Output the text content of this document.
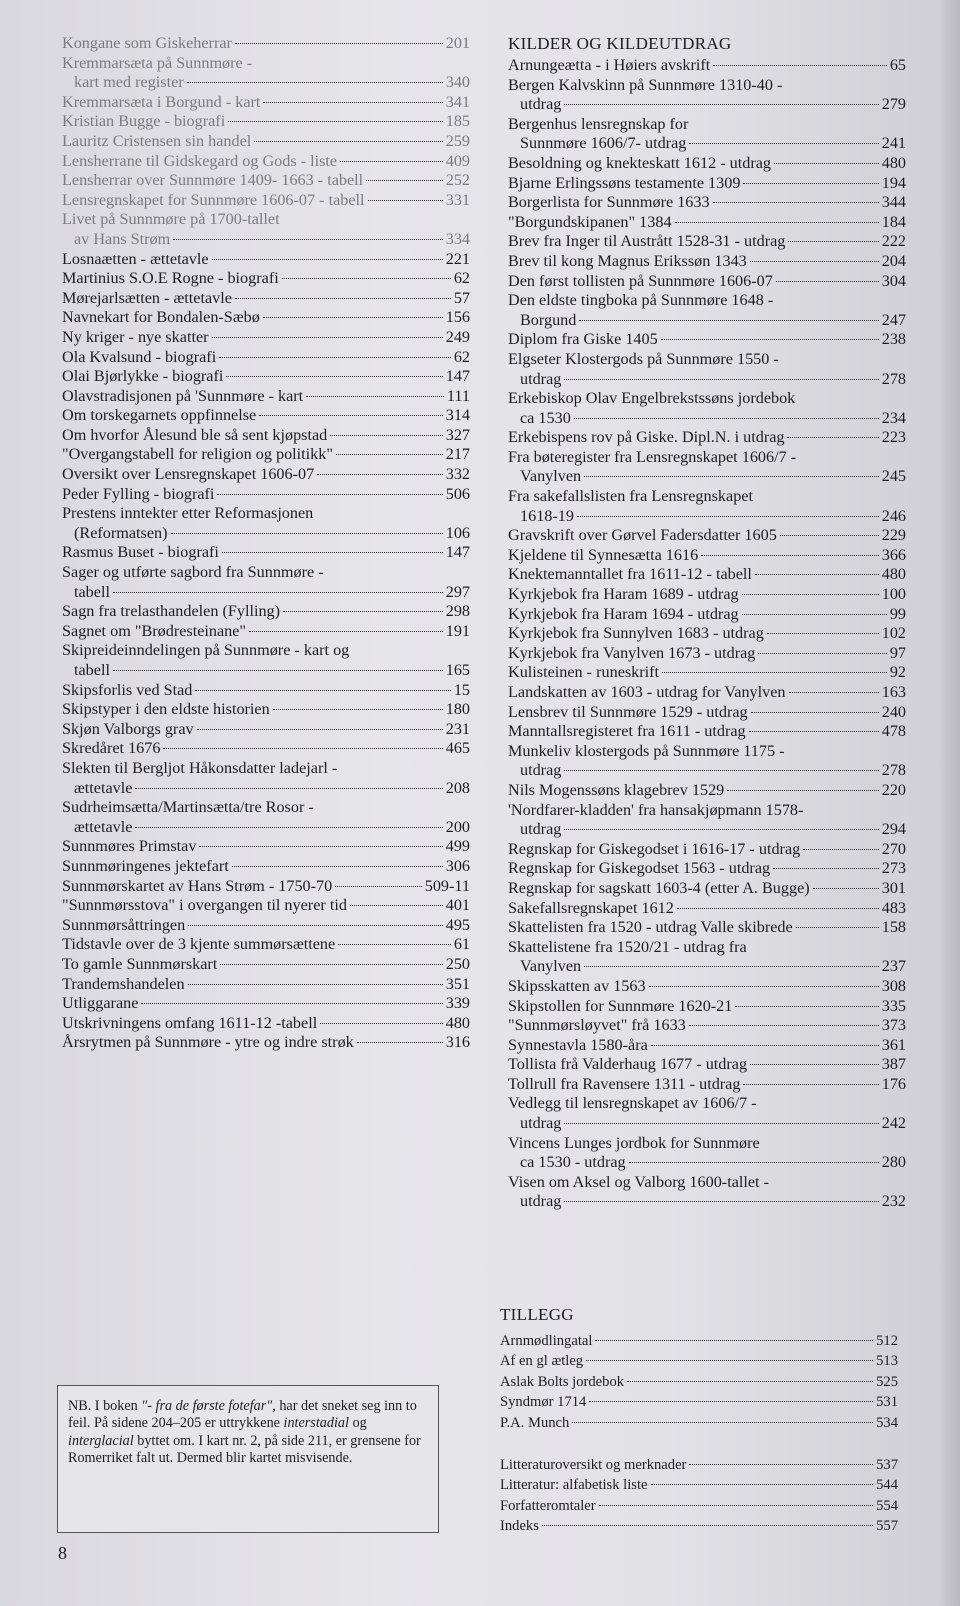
Kongane som Giskeherrar	201
Kremmarsæta på Sunnmøre -
kart med register	340
Kremmarsæta i Borgund - kart	341
Kristian Bugge - biografi	185
Lauritz Cristensen sin handel	259
Lensherrane til Gidskegard og Gods - liste	409
Lensherrar over Sunnmøre 1409- 1663 - tabell	252
Lensregnskapet for Sunnmøre 1606-07 - tabell	331
Livet på Sunnmøre på 1700-tallet
av Hans Strøm	334
Losnaætten - ættetavle	221
Martinius S.O.E Rogne - biografi	62
Mørejarlsætten - ættetavle	57
Navnekart for Bondalen-Sæbø	156
Ny kriger - nye skatter	249
Ola Kvalsund - biografi	62
Olai Bjørlykke - biografi	147
Olavstradisjonen på 'Sunnmøre - kart	111
Om torskegarnets oppfinnelse	314
Om hvorfor Ålesund ble så sent kjøpstad	327
"Overgangstabell for religion og politikk"	217
Oversikt over Lensregnskapet 1606-07	332
Peder Fylling - biografi	506
Prestens inntekter etter Reformasjonen
(Reformatsen)	106
Rasmus Buset - biografi	147
Sager og utførte sagbord fra Sunnmøre -
tabell	297
Sagn fra trelasthandelen (Fylling)	298
Sagnet om "Brødresteinane"	191
Skipreideinndelingen på Sunnmøre - kart og
tabell	165
Skipsforlis ved Stad	15
Skipstyper i den eldste historien	180
Skjøn Valborgs grav	231
Skredåret 1676	465
Slekten til Bergljot Håkonsdatter ladejarl -
ættetavle	208
Sudrheimsætta/Martinsætta/tre Rosor -
ættetavle	200
Sunnmøres Primstav	499
Sunnmøringenes jektefart	306
Sunnmørskartet av Hans Strøm - 1750-70	509-11
"Sunnmørsstova" i overgangen til nyerer tid	401
Sunnmørsåttringen	495
Tidstavle over de 3 kjente summørsættene	61
To gamle Sunnmørskart	250
Trandemshandelen	351
Utliggarane	339
Utskrivningens omfang 1611-12 -tabell	480
Årsrytmen på Sunnmøre - ytre og indre strøk	316
KILDER OG KILDEUTDRAG
Arnungeætta - i Høiers avskrift	65
Bergen Kalvskinn på Sunnmøre 1310-40 -
utdrag	279
Bergenhus lensregnskap for
Sunnmøre 1606/7- utdrag	241
Besoldning og knekteskatt 1612 - utdrag	480
Bjarne Erlingssøns testamente 1309	194
Borgerlista for Sunnmøre 1633	344
"Borgundskipanen" 1384	184
Brev fra Inger til Austrått 1528-31 - utdrag	222
Brev til kong Magnus Erikssøn 1343	204
Den først tollisten på Sunnmøre 1606-07	304
Den eldste tingboka på Sunnmøre 1648 -
Borgund	247
Diplom fra Giske 1405	238
Elgseter Klostergods på Sunnmøre 1550 -
utdrag	278
Erkebiskop Olav Engelbrekstssøns jordebok
ca 1530	234
Erkebispens rov på Giske. Dipl.N. i utdrag	223
Fra bøteregister fra Lensregnskapet 1606/7 -
Vanylven	245
Fra sakefallslisten fra Lensregnskapet
1618-19	246
Gravskrift over Gørvel Fadersdatter 1605	229
Kjeldene til Synnesætta 1616	366
Knektemanntallet fra 1611-12 - tabell	480
Kyrkjebok fra Haram 1689 - utdrag	100
Kyrkjebok fra Haram 1694 - utdrag	99
Kyrkjebok fra Sunnylven 1683 - utdrag	102
Kyrkjebok fra Vanylven 1673 - utdrag	97
Kulisteinen - runeskrift	92
Landskatten av 1603 - utdrag for Vanylven	163
Lensbrev til Sunnmøre 1529 - utdrag	240
Manntallsregisteret fra 1611 - utdrag	478
Munkeliv klostergods på Sunnmøre 1175 -
utdrag	278
Nils Mogenssøns klagebrev 1529	220
'Nordfarer-kladden' fra hansakjøpmann 1578-
utdrag	294
Regnskap for Giskegodset i 1616-17 - utdrag	270
Regnskap for Giskegodset 1563 - utdrag	273
Regnskap for sagskatt 1603-4 (etter A. Bugge)	301
Sakefallsregnskapet 1612	483
Skattelisten fra 1520 - utdrag Valle skibrede	158
Skattelistene fra 1520/21 - utdrag fra
Vanylven	237
Skipsskatten av 1563	308
Skipstollen for Sunnmøre 1620-21	335
"Sunnmørsløyvet" frå 1633	373
Synnestavla 1580-åra	361
Tollista frå Valderhaug 1677 - utdrag	387
Tollrull fra Ravensere 1311 - utdrag	176
Vedlegg til lensregnskapet av 1606/7 -
utdrag	242
Vincens Lunges jordbok for Sunnmøre
ca 1530 - utdrag	280
Visen om Aksel og Valborg 1600-tallet -
utdrag	232
TILLEGG
Arnmødlingatal	512
Af en gl ætleg	513
Aslak Bolts jordebok	525
Syndmør 1714	531
P.A. Munch	534
Litteraturoversikt og merknader	537
Litteratur: alfabetisk liste	544
Forfatteromtaler	554
Indeks	557
NB. I boken "- fra de første fotefar", har det sneket seg inn to feil. På sidene 204–205 er uttrykkene interstadial og interglacial byttet om. I kart nr. 2, på side 211, er grensene for Romerriket falt ut. Dermed blir kartet misvisende.
8
